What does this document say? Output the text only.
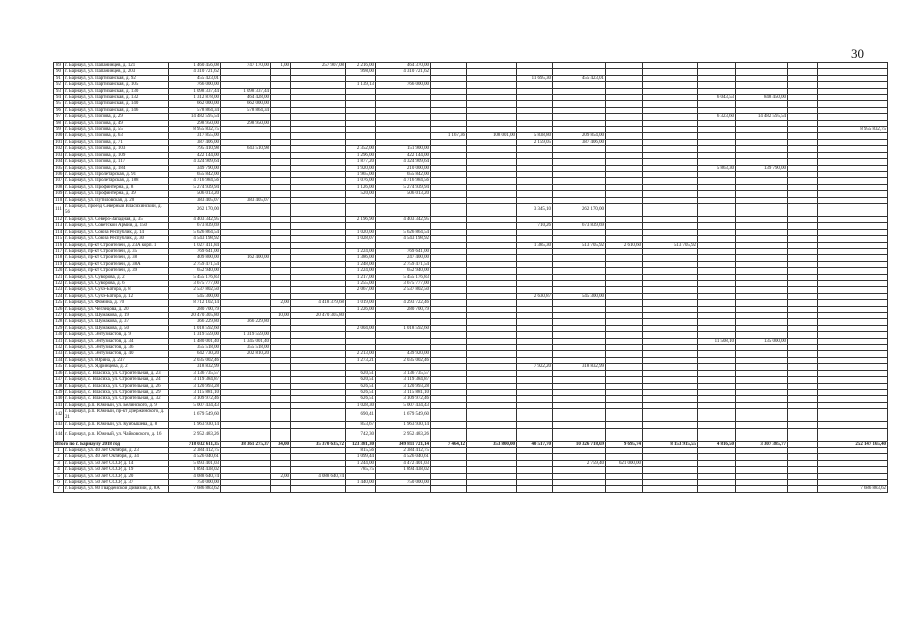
30
89	г. Барнаул, ул. Папанинцев, д. 121	1 460 456,08	747 170,00	1,00	257 907,08	2 216,00	464 370,00										
90	г. Барнаул, ул. Папанинцев, д. 203	4 310 721,62				998,00	4 310 721,62										
91	г. Барнаул, ул. Партизанская, д. 92	455 423,01								11 695,30	455 423,01						
92	г. Барнаул, ул. Партизанская, д. 105	766 000,00				1 139,13	766 000,00										
93	г. Барнаул, ул. Партизанская, д. 130	1 098 337,44	1 098 337,44														
94	г. Барнаул, ул. Партизанская, д. 132	1 312 878,00	464 428,00											6 043,53	848 450,00		
95	г. Барнаул, ул. Партизанская, д. 140	662 000,00	662 000,00														
96	г. Барнаул, ул. Партизанская, д. 146	578 864,34	578 864,34														
97	г. Барнаул, ул. Попова, д. 29	14 482 595,54												6 323,60	14 482 595,54		
98	г. Барнаул, ул. Попова, д. 49	298 950,00	298 950,00														
99	г. Барнаул, ул. Попова, д. 55	8 955 832,75															8 955 832,75
100	г. Барнаул, ул. Попова, д. 63	317 855,00						1 167,36	108 001,00	5 838,80	209 854,00						
101	г. Барнаул, ул. Попова, д. 71	387 406,00								2 159,05	387 406,00						
102	г. Барнаул, ул. Попова, д. 103	795 410,98	643 510,98			2 352,00	151 900,00										
103	г. Барнаул, ул. Попова, д. 109	422 144,00				1 296,00	422 144,00										
104	г. Барнаул, ул. Попова, д. 117	4 324 909,64				1 877,20	4 324 909,64										
105	г. Барнаул, ул. Попова, д. 184	349 790,00				1 920,00	210 000,00							5 863,30	139 790,00		
106	г. Барнаул, ул. Пролетарская, д. 91	655 842,00				1 965,00	655 842,00										
107	г. Барнаул, ул. Пролетарская, д. 188	4 716 984,56				1 076,00	4 716 984,56										
108	г. Барнаул, ул. Профинтерна, д. 8	5 274 939,94				1 126,00	5 274 939,94										
109	г. Барнаул, ул. Профинтерна, д. 39	506 013,20				520,00	506 013,20										
110	г. Барнаул, ул. Путиловская, д. 20	383 405,07	383 405,07														
111	г. Барнаул, проезд Северный Власихинский, д. 56	262 170,00								3 345,10	262 170,00						
112	г. Барнаул, ул. Северо-Западная, д. 35	4 403 342,95				2 196,90	4 403 342,95										
113	г. Барнаул, ул. Советской Армии, д. 150	673 839,69								710,26	673 839,69						
114	г. Барнаул, ул. Союза Республик, д. 14	5 626 864,54				1 020,00	5 626 864,54										
115	г. Барнаул, ул. Союза Республик, д. 30	4 543 198,92				1 028,07	4 543 198,92										
116	г. Барнаул, пр-кт Строителей, д. 23А корп. 1	1 027 411,84								1 385,30	513 705,92	2 610,60	513 705,92				
117	г. Барнаул, пр-кт Строителей, д. 35	769 641,00				1 224,00	769 641,00										
118	г. Барнаул, пр-кт Строителей, д. 38	409 800,00	162 400,00			1 386,00	247 400,00										
119	г. Барнаул, пр-кт Строителей, д. 38А	2 759 471,54				1 248,00	2 759 471,54										
120	г. Барнаул, пр-кт Строителей, д. 39	652 940,00				1 224,00	652 940,00										
121	г. Барнаул, ул. Суворова, д. 2	5 455 176,83				1 217,00	5 455 176,83										
122	г. Барнаул, ул. Суворова, д. 6	3 675 777,00				1 255,00	3 675 777,00										
123	г. Барнаул, ул. Сухэ-Батора, д. 8	2 537 802,50				2 067,00	2 537 802,50										
124	г. Барнаул, ул. Сухэ-Батора, д. 12	545 300,00								2 630,87	545 300,00						
125	г. Барнаул, ул. Фомина, д. 70	8 712 102,14		2,00	4 418 379,68	1 019,00	4 293 722,46										
126	г. Барнаул, ул. Чеглецова, д. 20	280 700,79				1 226,00	280 700,79										
127	г. Барнаул, ул. Шумакова, д. 19	20 470 305,80		10,00	20 470 305,80												
128	г. Барнаул, ул. Шумакова, д. 37	366 229,80	366 229,80														
129	г. Барнаул, ул. Шумакова, д. 50	1 018 592,60				2 004,00	1 018 592,60										
130	г. Барнаул, ул. Энтузиастов, д. 9	1 319 559,00	1 319 559,00														
131	г. Барнаул, ул. Энтузиастов, д. 34	1 480 001,40	1 345 001,40											11 508,10	135 000,00		
132	г. Барнаул, ул. Энтузиастов, д. 36	355 518,00	355 518,00														
133	г. Барнаул, ул. Энтузиастов, д. 40	642 730,20	202 810,20			2 213,00	439 920,00										
134	г. Барнаул, ул. Юрина, д. 237	2 035 002,46				1 273,21	2 035 002,46										
135	г. Барнаул, ул. Ядринцева, д. 2	318 832,99								7 922,20	318 832,99						
136	г. Барнаул, с. Власиха, ул. Строительная, д. 23	3 136 735,57				620,51	3 136 735,57										
137	г. Барнаул, с. Власиха, ул. Строительная, д. 24	3 119 384,87				620,51	3 119 384,87										
138	г. Барнаул, с. Власиха, ул. Строительная, д. 26	3 120 993,28				626,51	3 120 993,28										
139	г. Барнаул, с. Власиха, ул. Строительная, д. 29	3 115 881,10				626,51	3 115 881,10										
140	г. Барнаул, с. Власиха, ул. Строительная, д. 32	3 109 972,46				626,51	3 109 972,46										
141	г. Барнаул, р.п. Южный, ул. Белинского, д. 9	5 007 434,43				1 028,30	5 007 434,43										
142	г. Барнаул, р.п. Южный, пр-кт Дзержинского, д. 21	1 679 549,60				690,41	1 679 549,60										
143	г. Барнаул, р.п. Южный, ул. Куйбышева, д. 8	1 963 930,14				853,67	1 963 930,14										
144	г. Барнаул, р.п. Южный, ул. Чайковского, д. 16	2 952 483,26				742,30	2 952 483,26										
Итого по г. Барнаулу 2018 год		718 032 611,35	38 361 275,37	34,00	35 370 635,72	123 381,30	349 811 721,14	7 464,12	353 800,00	40 517,70	10 326 718,69	9 695,74	8 153 915,55	4 816,50	3 307 385,77		252 147 165,40
1	г. Барнаул, ул. 40 лет Октября, д. 23	2 384 412,75				815,56	2 384 412,75										
2	г. Барнаул, ул. 40 лет Октября, д. 34	4 526 040,61				1 099,44	4 526 040,61										
3	г. Барнаул, ул. 50 лет СССР, д. 14	5 093 401,03				1 244,00	4 472 401,03				2 759,40	621 000,00					
4	г. Барнаул, ул. 50 лет СССР, д. 19	1 894 438,02				785,75	1 894 438,02										
5	г. Барнаул, ул. 50 лет СССР, д. 20	4 088 640,74		2,00	4 088 640,74												
6	г. Барнаул, ул. 50 лет СССР, д. 37	750 000,00				1 440,00	750 000,00										
7	г. Барнаул, ул. 80 Гвардейской Дивизии, д. 8А	7 686 883,62															7 686 883,62
